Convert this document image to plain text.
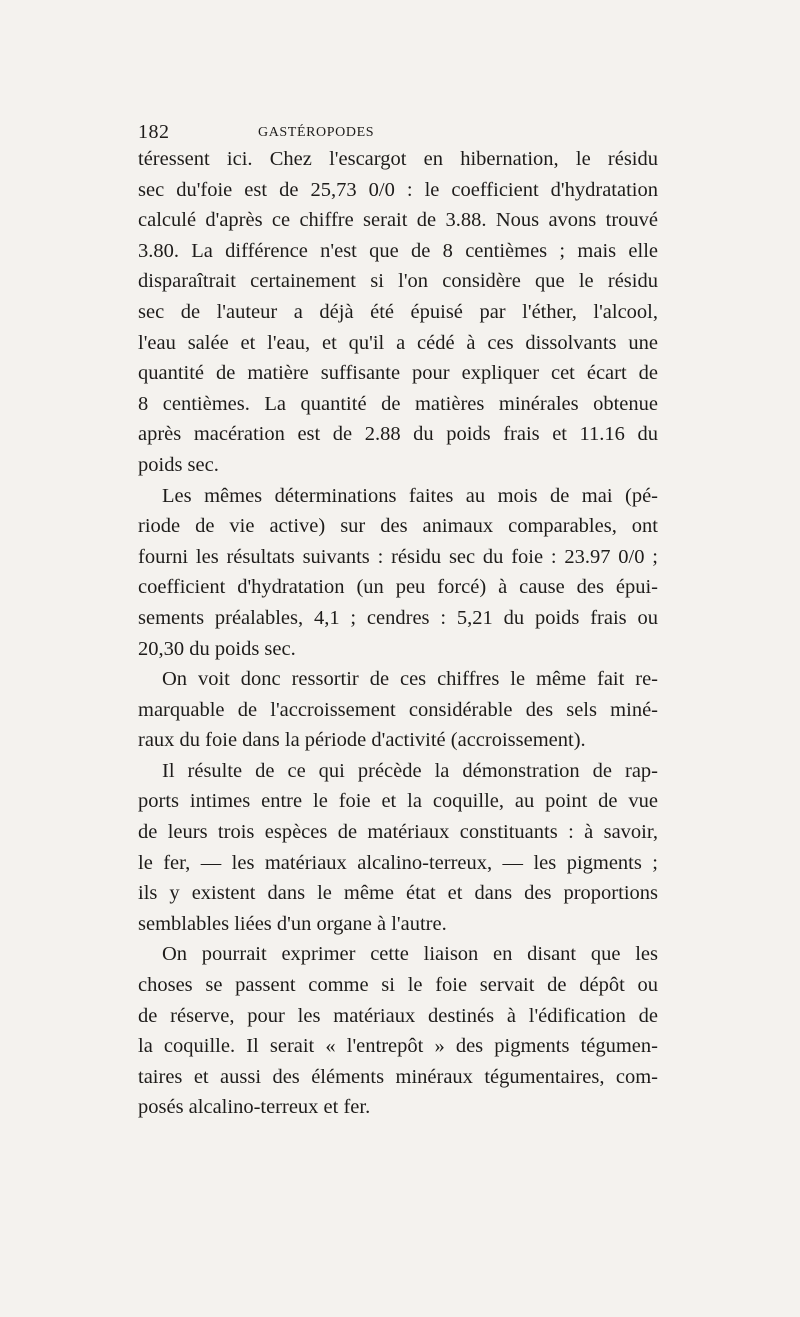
182	GASTÉROPODES
téressent ici. Chez l'escargot en hibernation, le résidu
sec du'foie est de 25,73 0/0 : le coefficient d'hydratation
calculé d'après ce chiffre serait de 3.88. Nous avons trouvé
3.80. La différence n'est que de 8 centièmes ; mais elle
disparaîtrait certainement si l'on considère que le résidu
sec de l'auteur a déjà été épuisé par l'éther, l'alcool,
l'eau salée et l'eau, et qu'il a cédé à ces dissolvants une
quantité de matière suffisante pour expliquer cet écart de
8 centièmes. La quantité de matières minérales obtenue
après macération est de 2.88 du poids frais et 11.16 du
poids sec.
Les mêmes déterminations faites au mois de mai (pé-
riode de vie active) sur des animaux comparables, ont
fourni les résultats suivants : résidu sec du foie : 23.97 0/0 ;
coefficient d'hydratation (un peu forcé) à cause des épui-
sements préalables, 4,1 ; cendres : 5,21 du poids frais ou
20,30 du poids sec.
On voit donc ressortir de ces chiffres le même fait re-
marquable de l'accroissement considérable des sels miné-
raux du foie dans la période d'activité (accroissement).
Il résulte de ce qui précède la démonstration de rap-
ports intimes entre le foie et la coquille, au point de vue
de leurs trois espèces de matériaux constituants : à savoir,
le fer, — les matériaux alcalino-terreux, — les pigments ;
ils y existent dans le même état et dans des proportions
semblables liées d'un organe à l'autre.
On pourrait exprimer cette liaison en disant que les
choses se passent comme si le foie servait de dépôt ou
de réserve, pour les matériaux destinés à l'édification de
la coquille. Il serait « l'entrepôt » des pigments tégumen-
taires et aussi des éléments minéraux tégumentaires, com-
posés alcalino-terreux et fer.
